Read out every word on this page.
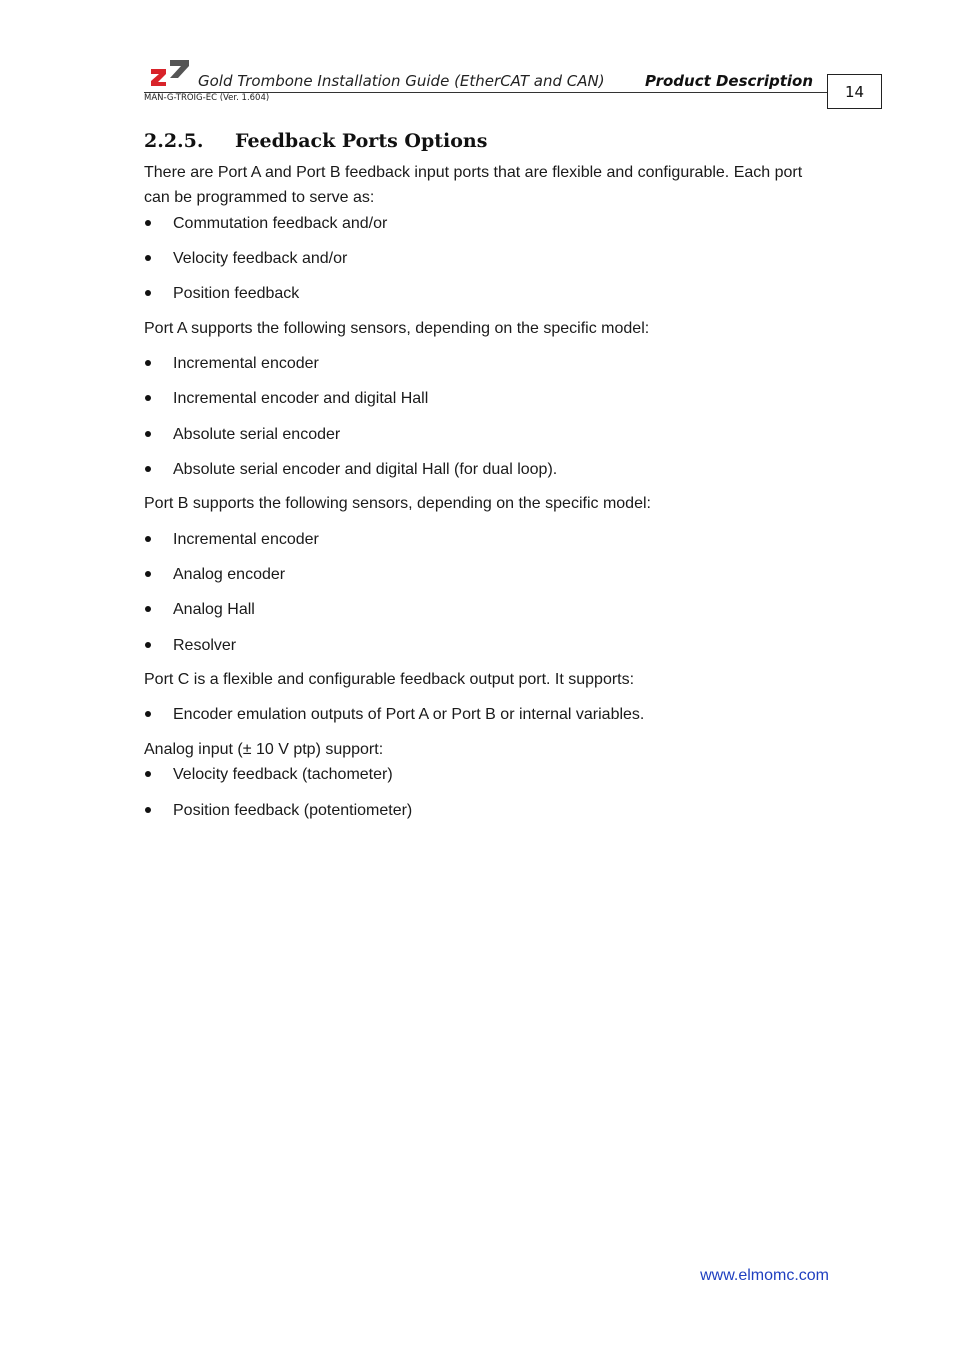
Gold Trombone Installation Guide (EtherCAT and CAN)	Product Description
MAN-G-TROIG-EC (Ver. 1.604)	14
2.2.5. Feedback Ports Options
There are Port A and Port B feedback input ports that are flexible and configurable. Each port
can be programmed to serve as:
Commutation feedback and/or
Velocity feedback and/or
Position feedback
Port A supports the following sensors, depending on the specific model:
Incremental encoder
Incremental encoder and digital Hall
Absolute serial encoder
Absolute serial encoder and digital Hall (for dual loop).
Port B supports the following sensors, depending on the specific model:
Incremental encoder
Analog encoder
Analog Hall
Resolver
Port C is a flexible and configurable feedback output port. It supports:
Encoder emulation outputs of Port A or Port B or internal variables.
Analog input (± 10 V ptp) support:
Velocity feedback (tachometer)
Position feedback (potentiometer)
www.elmomc.com
